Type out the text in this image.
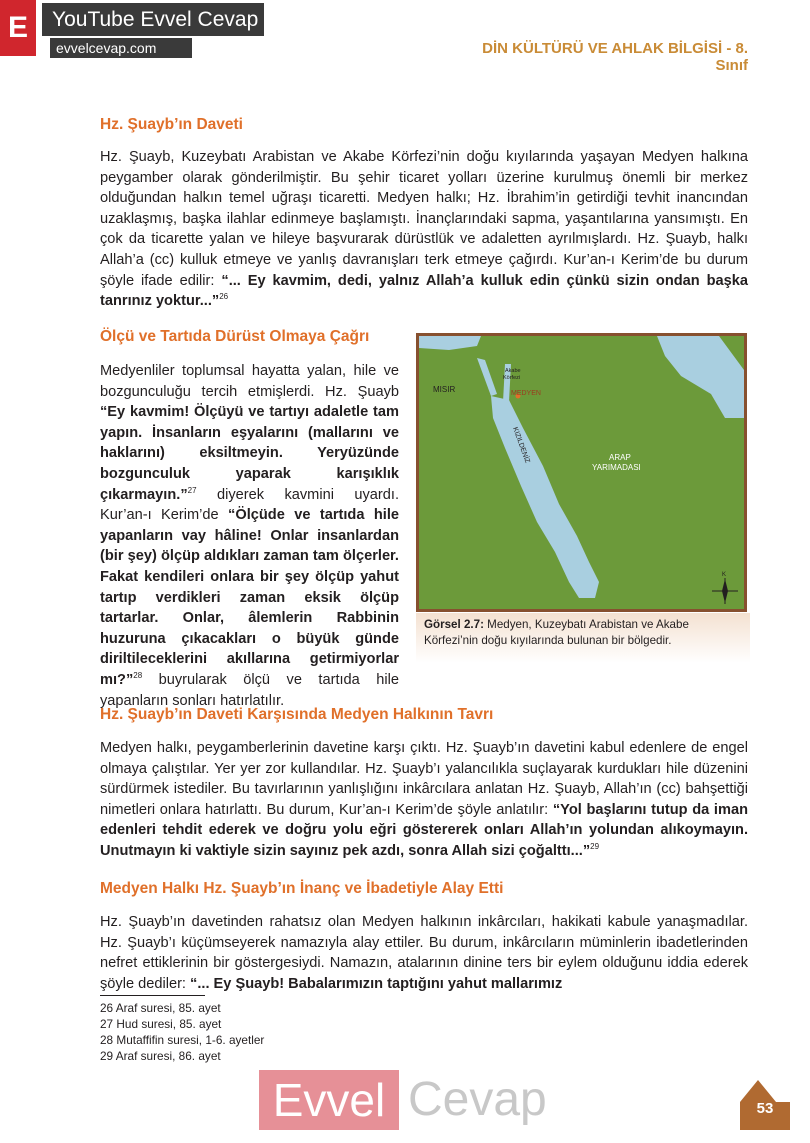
E	YouTube Evvel Cevap
evvelcevap.com	DİN KÜLTÜRÜ VE AHLAK BİLGİSİ - 8. Sınıf
Hz. Şuayb’ın Daveti
Hz. Şuayb, Kuzeybatı Arabistan ve Akabe Körfezi’nin doğu kıyılarında yaşayan Medyen halkına peygamber olarak gönderilmiştir. Bu şehir ticaret yolları üzerine kurulmuş önemli bir merkez olduğundan halkın temel uğraşı ticaretti. Medyen halkı; Hz. İbrahim’in getirdiği tevhit inancından uzaklaşmış, başka ilahlar edinmeye başlamıştı. İnançlarındaki sapma, yaşantılarına yansımıştı. En çok da ticarette yalan ve hileye başvurarak dürüstlük ve adaletten ayrılmışlardı. Hz. Şuayb, halkı Allah’a (cc) kulluk etmeye ve yanlış davranışları terk etmeye çağırdı. Kur’an-ı Kerim’de bu durum şöyle ifade edilir: “... Ey kavmim, dedi, yalnız Allah’a kulluk edin çünkü sizin ondan başka tanrınız yoktur...”$^{26}$
Ölçü ve Tartıda Dürüst Olmaya Çağrı
Medyenliler toplumsal hayatta yalan, hile ve bozgunculuğu tercih etmişlerdi. Hz. Şuayb “Ey kavmim! Ölçüyü ve tartıyı adaletle tam yapın. İnsanların eşyalarını (mallarını ve haklarını) eksiltmeyin. Yeryüzünde bozgunculuk yaparak karışıklık çıkarmayın.”$^{27}$ diyerek kavmini uyardı. Kur’an-ı Kerim’de “Ölçüde ve tartıda hile yapanların vay hâline! Onlar insanlardan (bir şey) ölçüp aldıkları zaman tam ölçerler. Fakat kendileri onlara bir şey ölçüp yahut tartıp verdikleri zaman eksik ölçüp tartarlar. Onlar, âlemlerin Rabbinin huzuruna çıkacakları o büyük günde diriltileceklerini akıllarına getirmiyorlar mı?”$^{28}$ buyrularak ölçü ve tartıda hile yapanların sonları hatırlatılır.
MISIR
Akabe
Körfezi
MEDYEN
KIZILDENİZ	ARAP
YARIMADASI
K
Görsel 2.7: Medyen, Kuzeybatı Arabistan ve Akabe Körfezi’nin doğu kıyılarında bulunan bir bölgedir.
Hz. Şuayb’ın Daveti Karşısında Medyen Halkının Tavrı
Medyen halkı, peygamberlerinin davetine karşı çıktı. Hz. Şuayb’ın davetini kabul edenlere de engel olmaya çalıştılar. Yer yer zor kullandılar. Hz. Şuayb’ı yalancılıkla suçlayarak kurdukları hile düzenini sürdürmek istediler. Bu tavırlarının yanlışlığını inkârcılara anlatan Hz. Şuayb, Allah’ın (cc) bahşettiği nimetleri onlara hatırlattı. Bu durum, Kur’an-ı Kerim’de şöyle anlatılır: “Yol başlarını tutup da iman edenleri tehdit ederek ve doğru yolu eğri göstererek onları Allah’ın yolundan alıkoymayın. Unutmayın ki vaktiyle sizin sayınız pek azdı, sonra Allah sizi çoğalttı...”$^{29}$
Medyen Halkı Hz. Şuayb’ın İnanç ve İbadetiyle Alay Etti
Hz. Şuayb’ın davetinden rahatsız olan Medyen halkının inkârcıları, hakikati kabule yanaşmadılar. Hz. Şuayb’ı küçümseyerek namazıyla alay ettiler. Bu durum, inkârcıların müminlerin ibadetlerinden nefret ettiklerinin bir göstergesiydi. Namazın, atalarının dinine ters bir eylem olduğunu iddia ederek şöyle dediler: “... Ey Şuayb! Babalarımızın taptığını yahut mallarımız
26 Araf suresi, 85. ayet
27 Hud suresi, 85. ayet
28 Mutaffifin suresi, 1-6. ayetler
29 Araf suresi, 86. ayet
Evvel Cevap	53
